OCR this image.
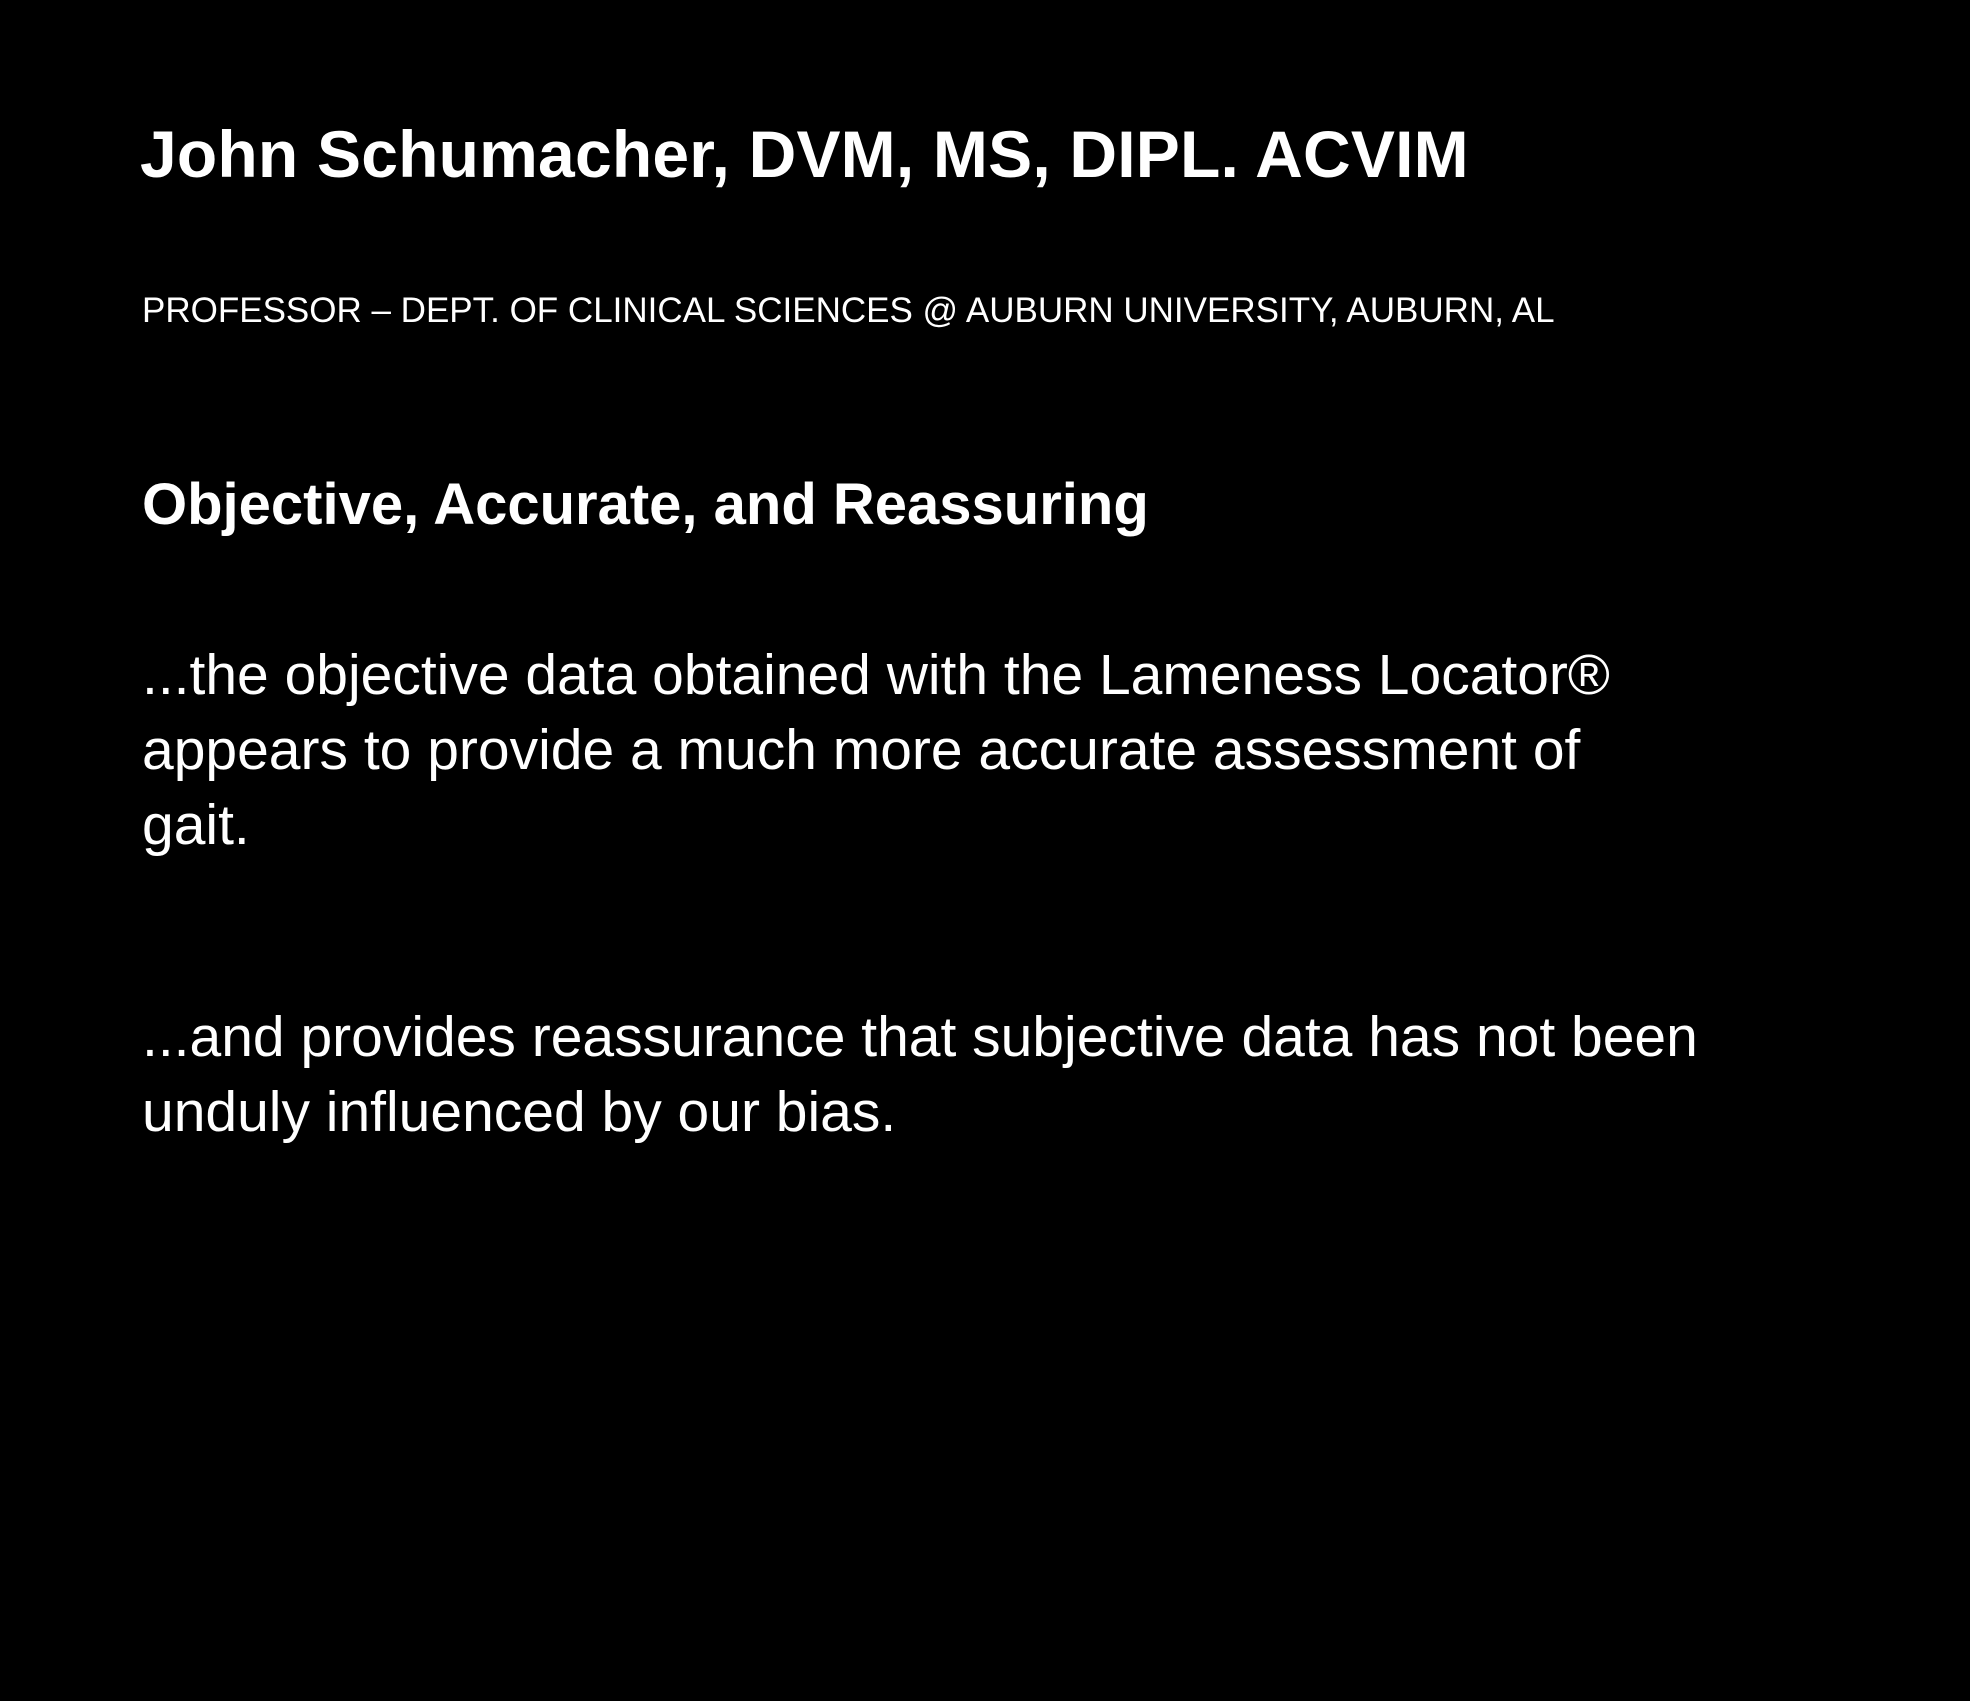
John Schumacher, DVM, MS, DIPL. ACVIM
PROFESSOR – DEPT. OF CLINICAL SCIENCES @ AUBURN UNIVERSITY, AUBURN, AL
Objective, Accurate, and Reassuring
...the objective data obtained with the Lameness Locator® appears to provide a much more accurate assessment of gait.
...and provides reassurance that subjective data has not been unduly influenced by our bias.
